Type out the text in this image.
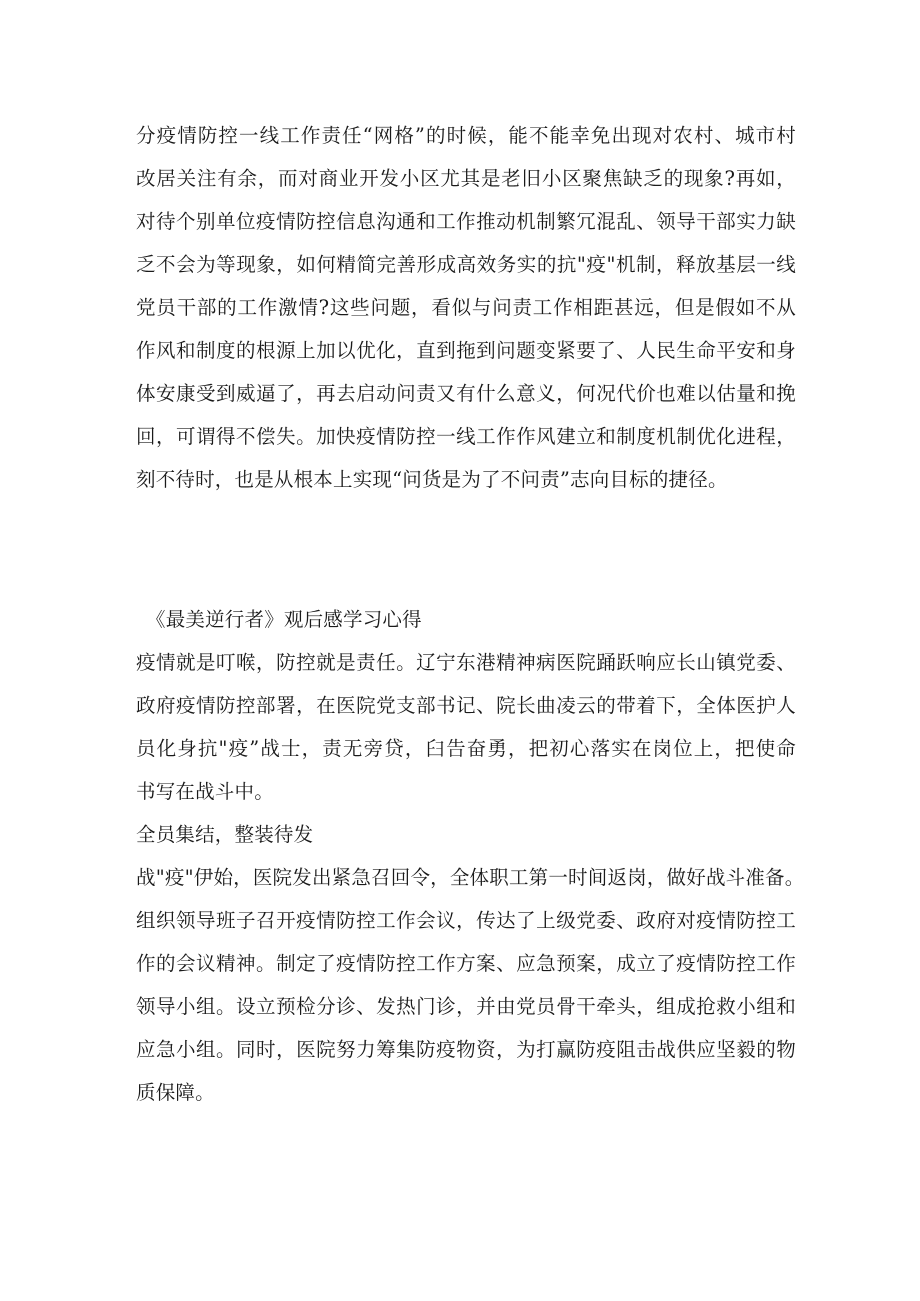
分疫情防控一线工作责任“网格”的时候，能不能幸免出现对农村、城市村
改居关注有余，而对商业开发小区尤其是老旧小区聚焦缺乏的现象?再如，
对待个别单位疫情防控信息沟通和工作推动机制繁冗混乱、领导干部实力缺
乏不会为等现象，如何精简完善形成高效务实的抗"疫"机制，释放基层一线
党员干部的工作激情?这些问题，看似与问责工作相距甚远，但是假如不从
作风和制度的根源上加以优化，直到拖到问题变紧要了、人民生命平安和身
体安康受到威逼了，再去启动问责又有什么意义，何况代价也难以估量和挽
回，可谓得不偿失。加快疫情防控一线工作作风建立和制度机制优化进程，
刻不待时，也是从根本上实现“问货是为了不问责”志向目标的捷径。
《最美逆行者》观后感学习心得
疫情就是叮喉，防控就是责任。辽宁东港精神病医院踊跃响应长山镇党委、
政府疫情防控部署，在医院党支部书记、院长曲凌云的带着下，全体医护人
员化身抗"疫”战士，责无旁贷，臼告奋勇，把初心落实在岗位上，把使命
书写在战斗中。
全员集结，整装待发
战"疫"伊始，医院发出紧急召回令，全体职工第一时间返岗，做好战斗准备。
组织领导班子召开疫情防控工作会议，传达了上级党委、政府对疫情防控工
作的会议精神。制定了疫情防控工作方案、应急预案，成立了疫情防控工作
领导小组。设立预检分诊、发热门诊，并由党员骨干牵头，组成抢救小组和
应急小组。同时，医院努力筹集防疫物资，为打赢防疫阻击战供应坚毅的物
质保障。
